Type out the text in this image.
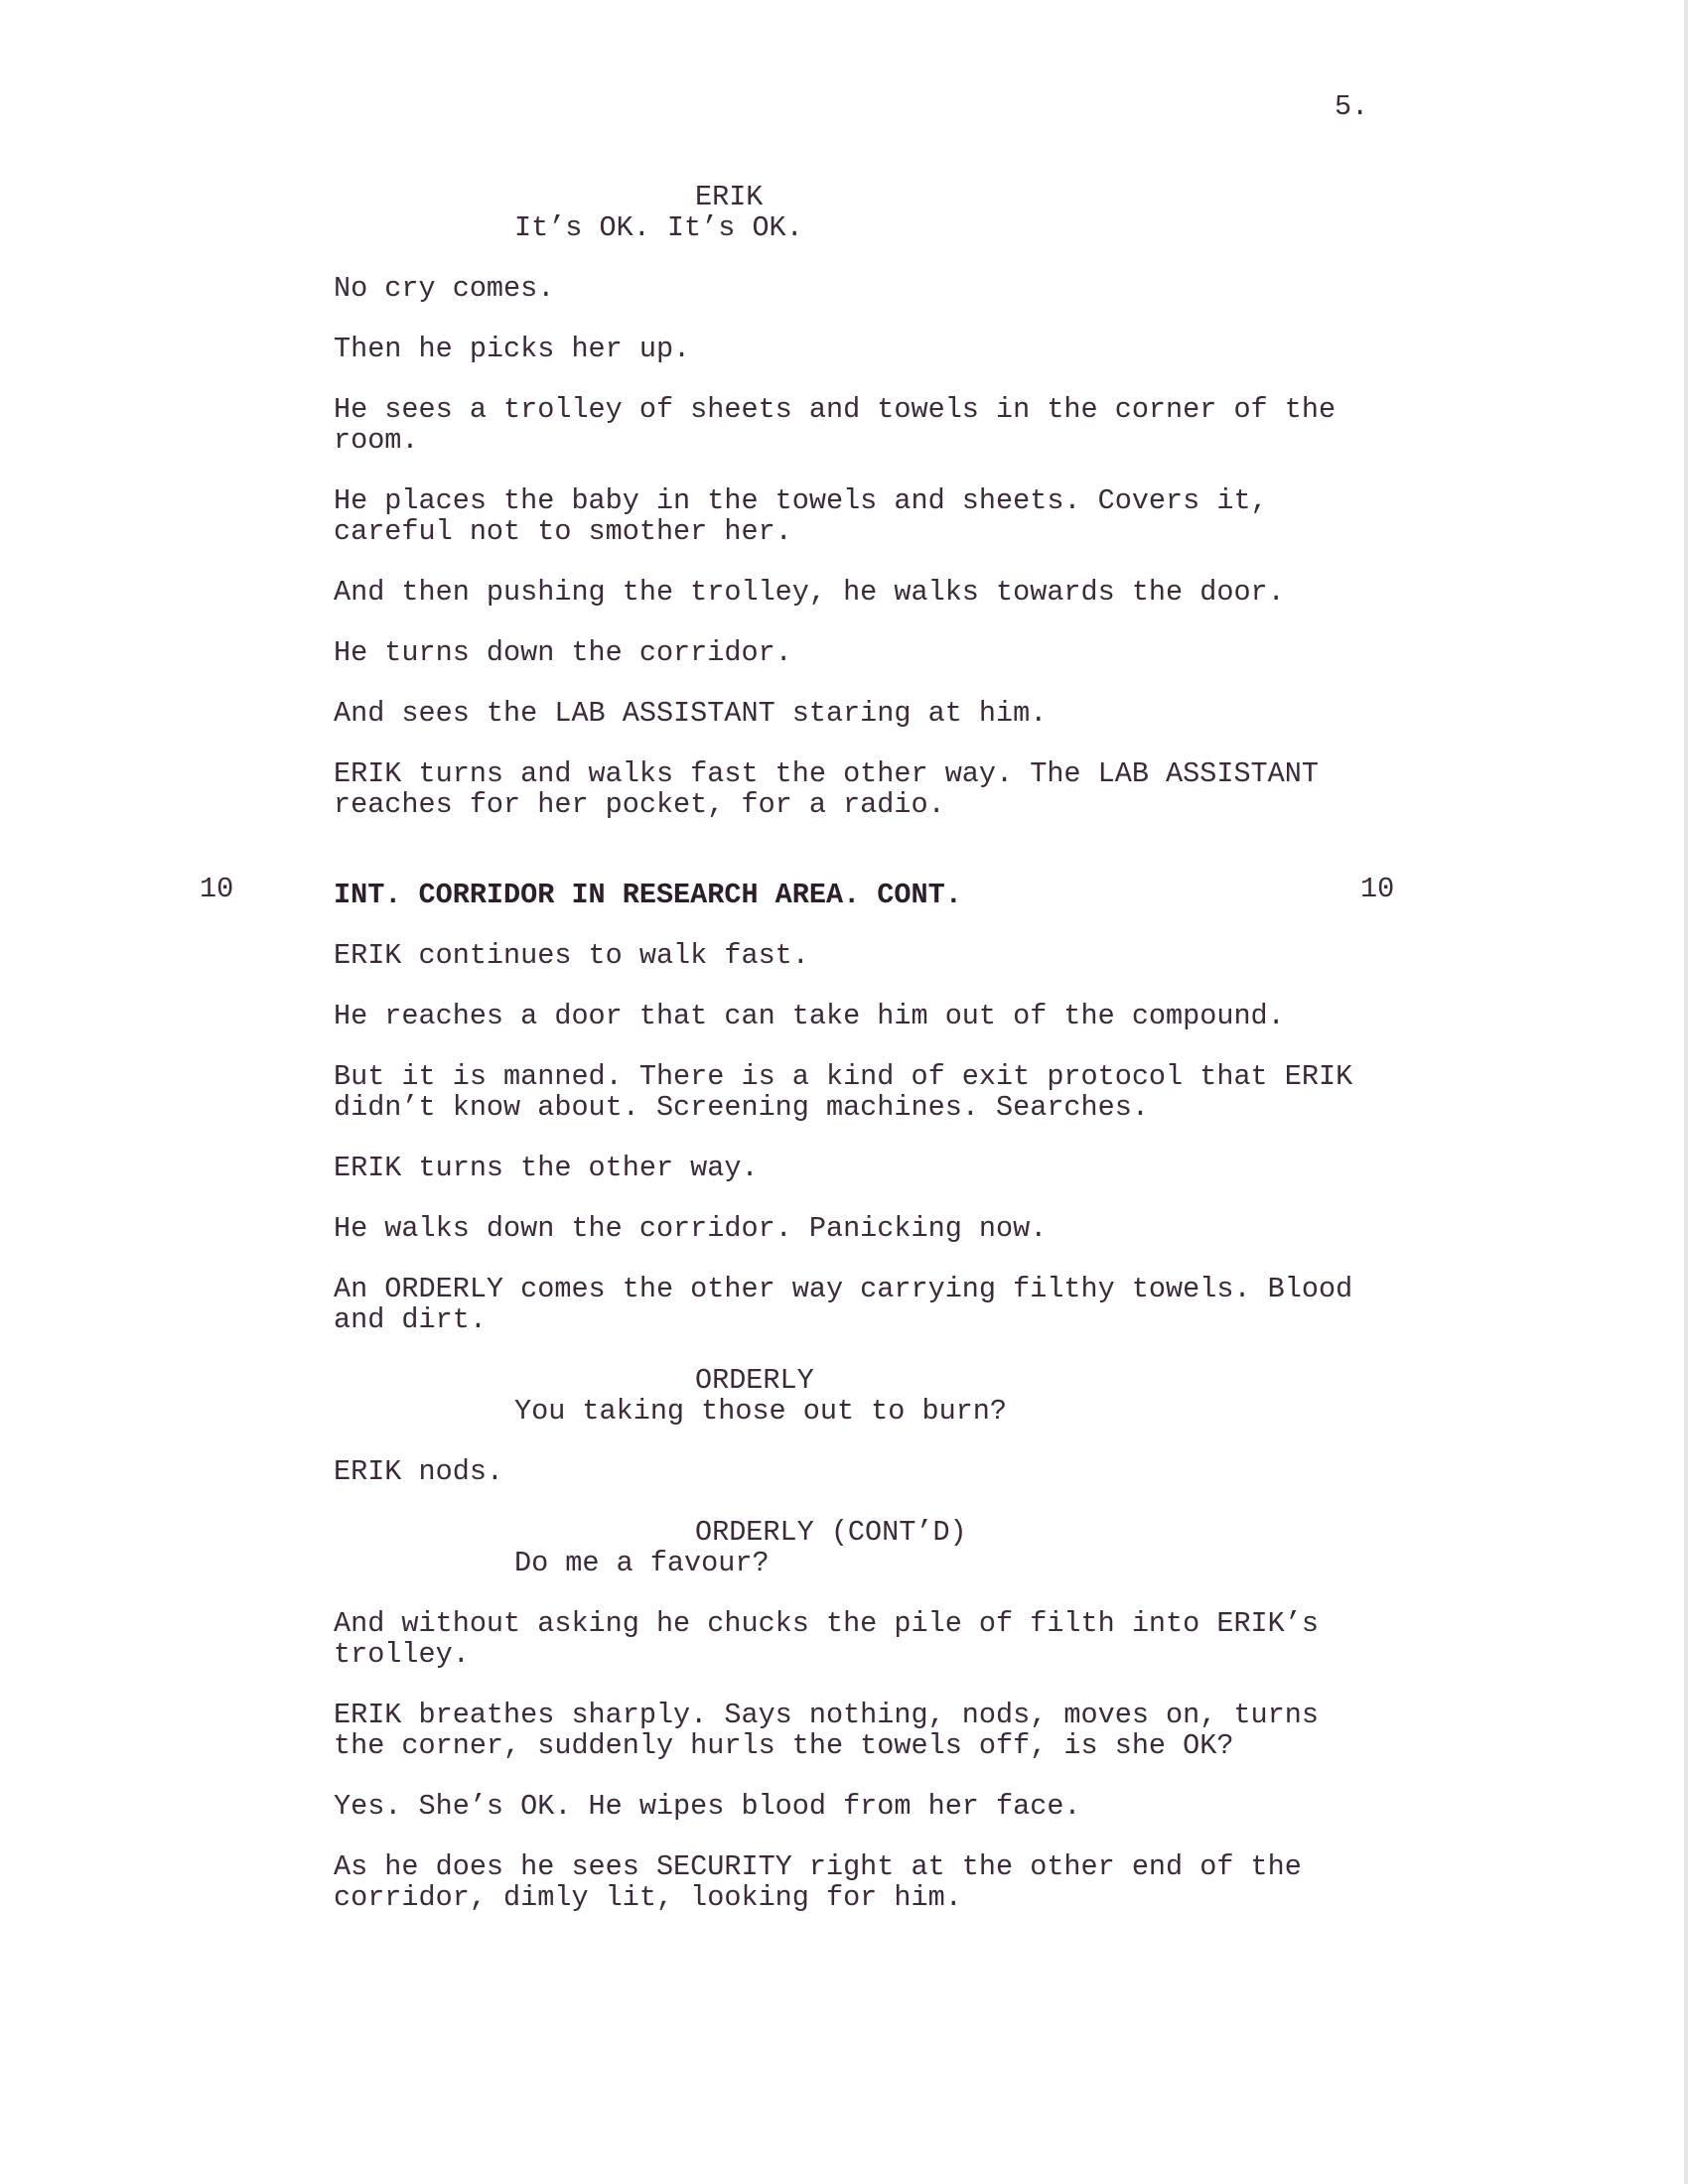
5.
ERIK
It’s OK. It’s OK.
No cry comes.
Then he picks her up.
He sees a trolley of sheets and towels in the corner of the
room.
He places the baby in the towels and sheets. Covers it,
careful not to smother her.
And then pushing the trolley, he walks towards the door.
He turns down the corridor.
And sees the LAB ASSISTANT staring at him.
ERIK turns and walks fast the other way. The LAB ASSISTANT
reaches for her pocket, for a radio.
10	INT. CORRIDOR IN RESEARCH AREA. CONT.	10
ERIK continues to walk fast.
He reaches a door that can take him out of the compound.
But it is manned. There is a kind of exit protocol that ERIK
didn’t know about. Screening machines. Searches.
ERIK turns the other way.
He walks down the corridor. Panicking now.
An ORDERLY comes the other way carrying filthy towels. Blood
and dirt.
ORDERLY
You taking those out to burn?
ERIK nods.
ORDERLY (CONT’D)
Do me a favour?
And without asking he chucks the pile of filth into ERIK’s
trolley.
ERIK breathes sharply. Says nothing, nods, moves on, turns
the corner, suddenly hurls the towels off, is she OK?
Yes. She’s OK. He wipes blood from her face.
As he does he sees SECURITY right at the other end of the
corridor, dimly lit, looking for him.
